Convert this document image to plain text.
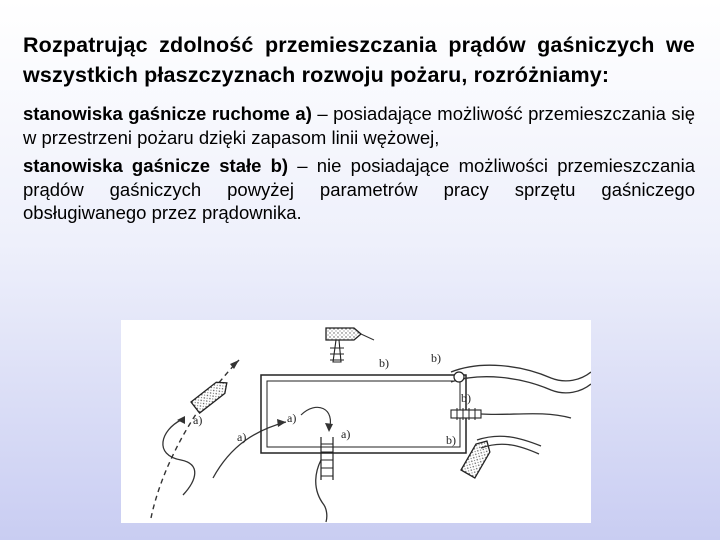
Rozpatrując zdolność przemieszczania prądów gaśniczych we wszystkich płaszczyznach rozwoju pożaru, rozróżniamy:

stanowiska gaśnicze ruchome a) – posiadające możliwość przemieszczania się w przestrzeni pożaru dzięki zapasom linii wężowej,

stanowiska gaśnicze stałe b) – nie posiadające możliwości przemieszczania prądów gaśniczych powyżej parametrów pracy sprzętu gaśniczego obsługiwanego przez prądownika.

a)
a)
b)
a)
a)
b)
b)
b)
